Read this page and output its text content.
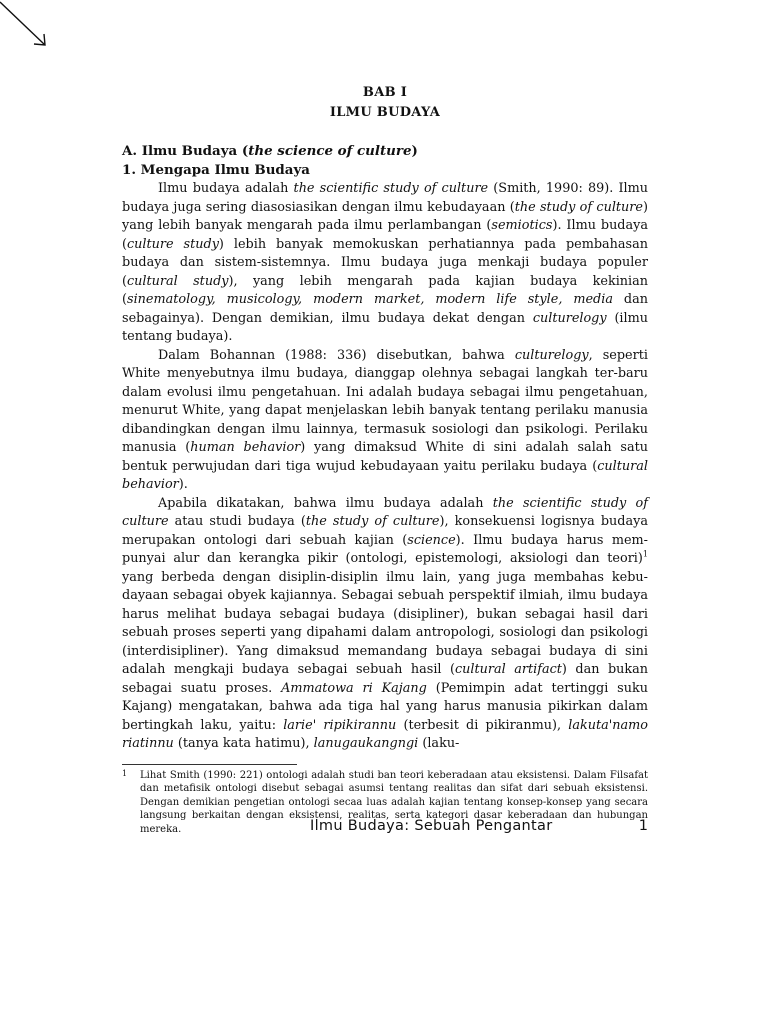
BAB I
ILMU BUDAYA
A. Ilmu Budaya (the science of culture)
1. Mengapa Ilmu Budaya

Ilmu budaya adalah the scientific study of culture (Smith, 1990: 89). Ilmu budaya juga sering diasosiasikan dengan ilmu kebudayaan (the study of culture) yang lebih banyak mengarah pada ilmu perlambangan (semiotics). Ilmu budaya (culture study) lebih banyak memokuskan perhatiannya pada pembahasan budaya dan sistem-sistemnya. Ilmu budaya juga menkaji budaya populer (cultural study), yang lebih mengarah pada kajian budaya kekinian (sinematology, musicology, modern market, modern life style, media dan sebagainya). Dengan demikian, ilmu budaya dekat dengan culturelogy (ilmu tentang budaya).

Dalam Bohannan (1988: 336) disebutkan, bahwa culturelogy, seperti White menyebutnya ilmu budaya, dianggap olehnya sebagai langkah ter-baru dalam evolusi ilmu pengetahuan. Ini adalah budaya sebagai ilmu pengetahuan, menurut White, yang dapat menjelaskan lebih banyak tentang perilaku manusia dibandingkan dengan ilmu lainnya, termasuk sosiologi dan psikologi. Perilaku manusia (human behavior) yang dimaksud White di sini adalah salah satu bentuk perwujudan dari tiga wujud kebudayaan yaitu perilaku budaya (cultural behavior).

Apabila dikatakan, bahwa ilmu budaya adalah the scientific study of culture atau studi budaya (the study of culture), konsekuensi logisnya budaya merupakan ontologi dari sebuah kajian (science). Ilmu budaya harus mem-punyai alur dan kerangka pikir (ontologi, epistemologi, aksiologi dan teori)$^1$ yang berbeda dengan disiplin-disiplin ilmu lain, yang juga membahas kebu-dayaan sebagai obyek kajiannya. Sebagai sebuah perspektif ilmiah, ilmu budaya harus melihat budaya sebagai budaya (disipliner), bukan sebagai hasil dari sebuah proses seperti yang dipahami dalam antropologi, sosiologi dan psikologi (interdisipliner). Yang dimaksud memandang budaya sebagai budaya di sini adalah mengkaji budaya sebagai sebuah hasil (cultural artifact) dan bukan sebagai suatu proses. Ammatowa ri Kajang (Pemimpin adat tertinggi suku Kajang) mengatakan, bahwa ada tiga hal yang harus manusia pikirkan dalam bertingkah laku, yaitu: larie' ripikirannu (terbesit di pikiranmu), lakuta'namo riatinnu (tanya kata hatimu), lanugaukangngi (laku-

1 Lihat Smith (1990: 221) ontologi adalah studi ban teori keberadaan atau eksistensi. Dalam Filsafat dan metafisik ontologi disebut sebagai asumsi tentang realitas dan sifat dari sebuah eksistensi. Dengan demikian pengetian ontologi secaa luas adalah kajian tentang konsep-konsep yang secara langsung berkaitan dengan eksistensi, realitas, serta kategori dasar keberadaan dan hubungan mereka.	Ilmu Budaya: Sebuah Pengantar	1
